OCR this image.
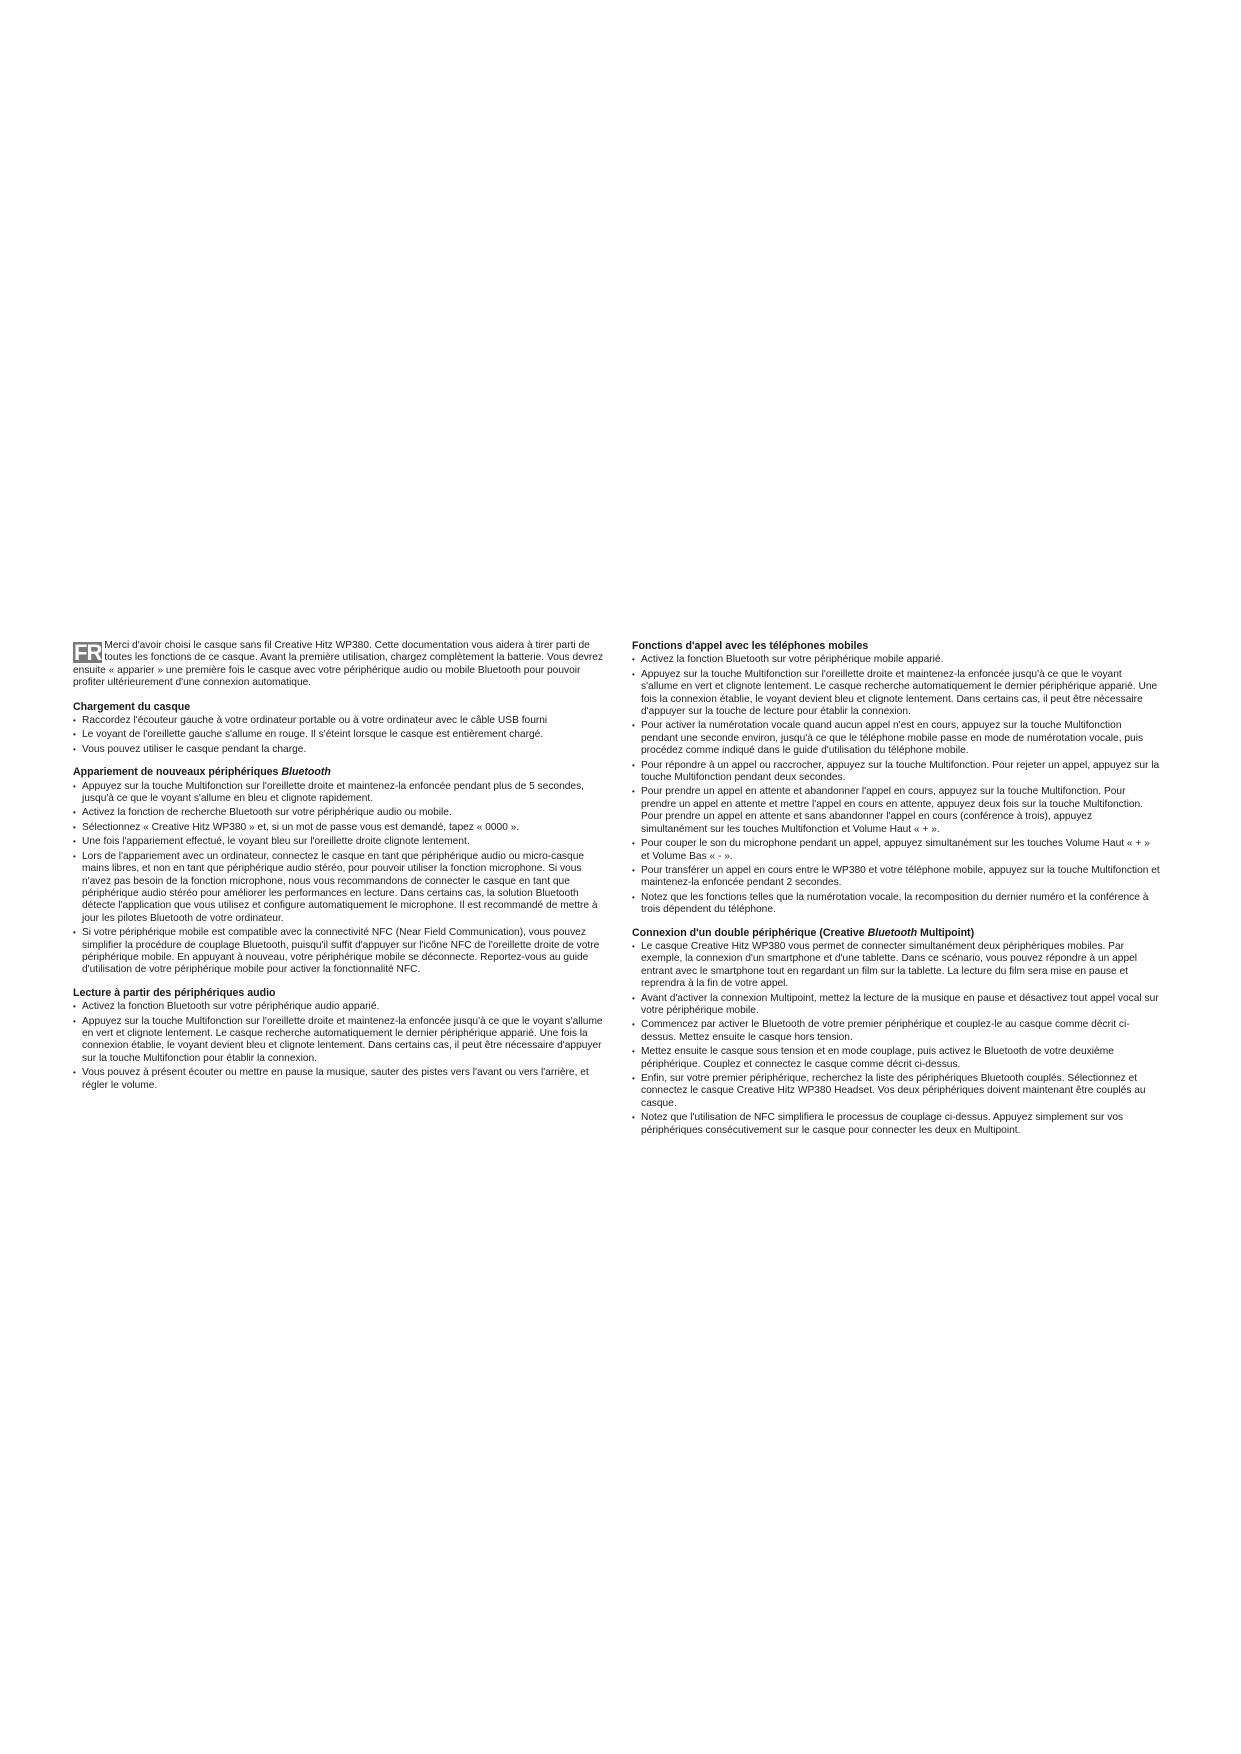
FR Merci d'avoir choisi le casque sans fil Creative Hitz WP380. Cette documentation vous aidera à tirer parti de toutes les fonctions de ce casque. Avant la première utilisation, chargez complètement la batterie. Vous devrez ensuite « apparier » une première fois le casque avec votre périphérique audio ou mobile Bluetooth pour pouvoir profiter ultérieurement d'une connexion automatique.

Chargement du casque
• Raccordez l'écouteur gauche à votre ordinateur portable ou à votre ordinateur avec le câble USB fourni
• Le voyant de l'oreillette gauche s'allume en rouge. Il s'éteint lorsque le casque est entièrement chargé.
• Vous pouvez utiliser le casque pendant la charge.
Appariement de nouveaux périphériques Bluetooth
• Appuyez sur la touche Multifonction sur l'oreillette droite et maintenez-la enfoncée pendant plus de 5 secondes, jusqu'à ce que le voyant s'allume en bleu et clignote rapidement.
• Activez la fonction de recherche Bluetooth sur votre périphérique audio ou mobile.
• Sélectionnez « Creative Hitz WP380 » et, si un mot de passe vous est demandé, tapez « 0000 ».
• Une fois l'appariement effectué, le voyant bleu sur l'oreillette droite clignote lentement.
• Lors de l'appariement avec un ordinateur, connectez le casque en tant que périphérique audio ou micro-casque mains libres, et non en tant que périphérique audio stéréo, pour pouvoir utiliser la fonction microphone. Si vous n'avez pas besoin de la fonction microphone, nous vous recommandons de connecter le casque en tant que périphérique audio stéréo pour améliorer les performances en lecture. Dans certains cas, la solution Bluetooth détecte l'application que vous utilisez et configure automatiquement le microphone. Il est recommandé de mettre à jour les pilotes Bluetooth de votre ordinateur.
• Si votre périphérique mobile est compatible avec la connectivité NFC (Near Field Communication), vous pouvez simplifier la procédure de couplage Bluetooth, puisqu'il suffit d'appuyer sur l'icône NFC de l'oreillette droite de votre périphérique mobile. En appuyant à nouveau, votre périphérique mobile se déconnecte. Reportez-vous au guide d'utilisation de votre périphérique mobile pour activer la fonctionnalité NFC.
Lecture à partir des périphériques audio
• Activez la fonction Bluetooth sur votre périphérique audio apparié.
• Appuyez sur la touche Multifonction sur l'oreillette droite et maintenez-la enfoncée jusqu'à ce que le voyant s'allume en vert et clignote lentement. Le casque recherche automatiquement le dernier périphérique apparié. Une fois la connexion établie, le voyant devient bleu et clignote lentement. Dans certains cas, il peut être nécessaire d'appuyer sur la touche Multifonction pour établir la connexion.
• Vous pouvez à présent écouter ou mettre en pause la musique, sauter des pistes vers l'avant ou vers l'arrière, et régler le volume.
Fonctions d'appel avec les téléphones mobiles
• Activez la fonction Bluetooth sur votre périphérique mobile apparié.
• Appuyez sur la touche Multifonction sur l'oreillette droite et maintenez-la enfoncée jusqu'à ce que le voyant s'allume en vert et clignote lentement. Le casque recherche automatiquement le dernier périphérique apparié. Une fois la connexion établie, le voyant devient bleu et clignote lentement. Dans certains cas, il peut être nécessaire d'appuyer sur la touche de lecture pour établir la connexion.
• Pour activer la numérotation vocale quand aucun appel n'est en cours, appuyez sur la touche Multifonction pendant une seconde environ, jusqu'à ce que le téléphone mobile passe en mode de numérotation vocale, puis procédez comme indiqué dans le guide d'utilisation du téléphone mobile.
• Pour répondre à un appel ou raccrocher, appuyez sur la touche Multifonction. Pour rejeter un appel, appuyez sur la touche Multifonction pendant deux secondes.
• Pour prendre un appel en attente et abandonner l'appel en cours, appuyez sur la touche Multifonction. Pour prendre un appel en attente et mettre l'appel en cours en attente, appuyez deux fois sur la touche Multifonction. Pour prendre un appel en attente et sans abandonner l'appel en cours (conférence à trois), appuyez simultanément sur les touches Multifonction et Volume Haut « + ».
• Pour couper le son du microphone pendant un appel, appuyez simultanément sur les touches Volume Haut « + » et Volume Bas « - ».
• Pour transférer un appel en cours entre le WP380 et votre téléphone mobile, appuyez sur la touche Multifonction et maintenez-la enfoncée pendant 2 secondes.
• Notez que les fonctions telles que la numérotation vocale, la recomposition du dernier numéro et la conférence à trois dépendent du téléphone.
Connexion d'un double périphérique (Creative Bluetooth Multipoint)
• Le casque Creative Hitz WP380 vous permet de connecter simultanément deux périphériques mobiles. Par exemple, la connexion d'un smartphone et d'une tablette. Dans ce scénario, vous pouvez répondre à un appel entrant avec le smartphone tout en regardant un film sur la tablette. La lecture du film sera mise en pause et reprendra à la fin de votre appel.
• Avant d'activer la connexion Multipoint, mettez la lecture de la musique en pause et désactivez tout appel vocal sur votre périphérique mobile.
• Commencez par activer le Bluetooth de votre premier périphérique et couplez-le au casque comme décrit ci-dessus. Mettez ensuite le casque hors tension.
• Mettez ensuite le casque sous tension et en mode couplage, puis activez le Bluetooth de votre deuxième périphérique. Couplez et connectez le casque comme décrit ci-dessus.
• Enfin, sur votre premier périphérique, recherchez la liste des périphériques Bluetooth couplés. Sélectionnez et connectez le casque Creative Hitz WP380 Headset. Vos deux périphériques doivent maintenant être couplés au casque.
• Notez que l'utilisation de NFC simplifiera le processus de couplage ci-dessus. Appuyez simplement sur vos périphériques consécutivement sur le casque pour connecter les deux en Multipoint.
